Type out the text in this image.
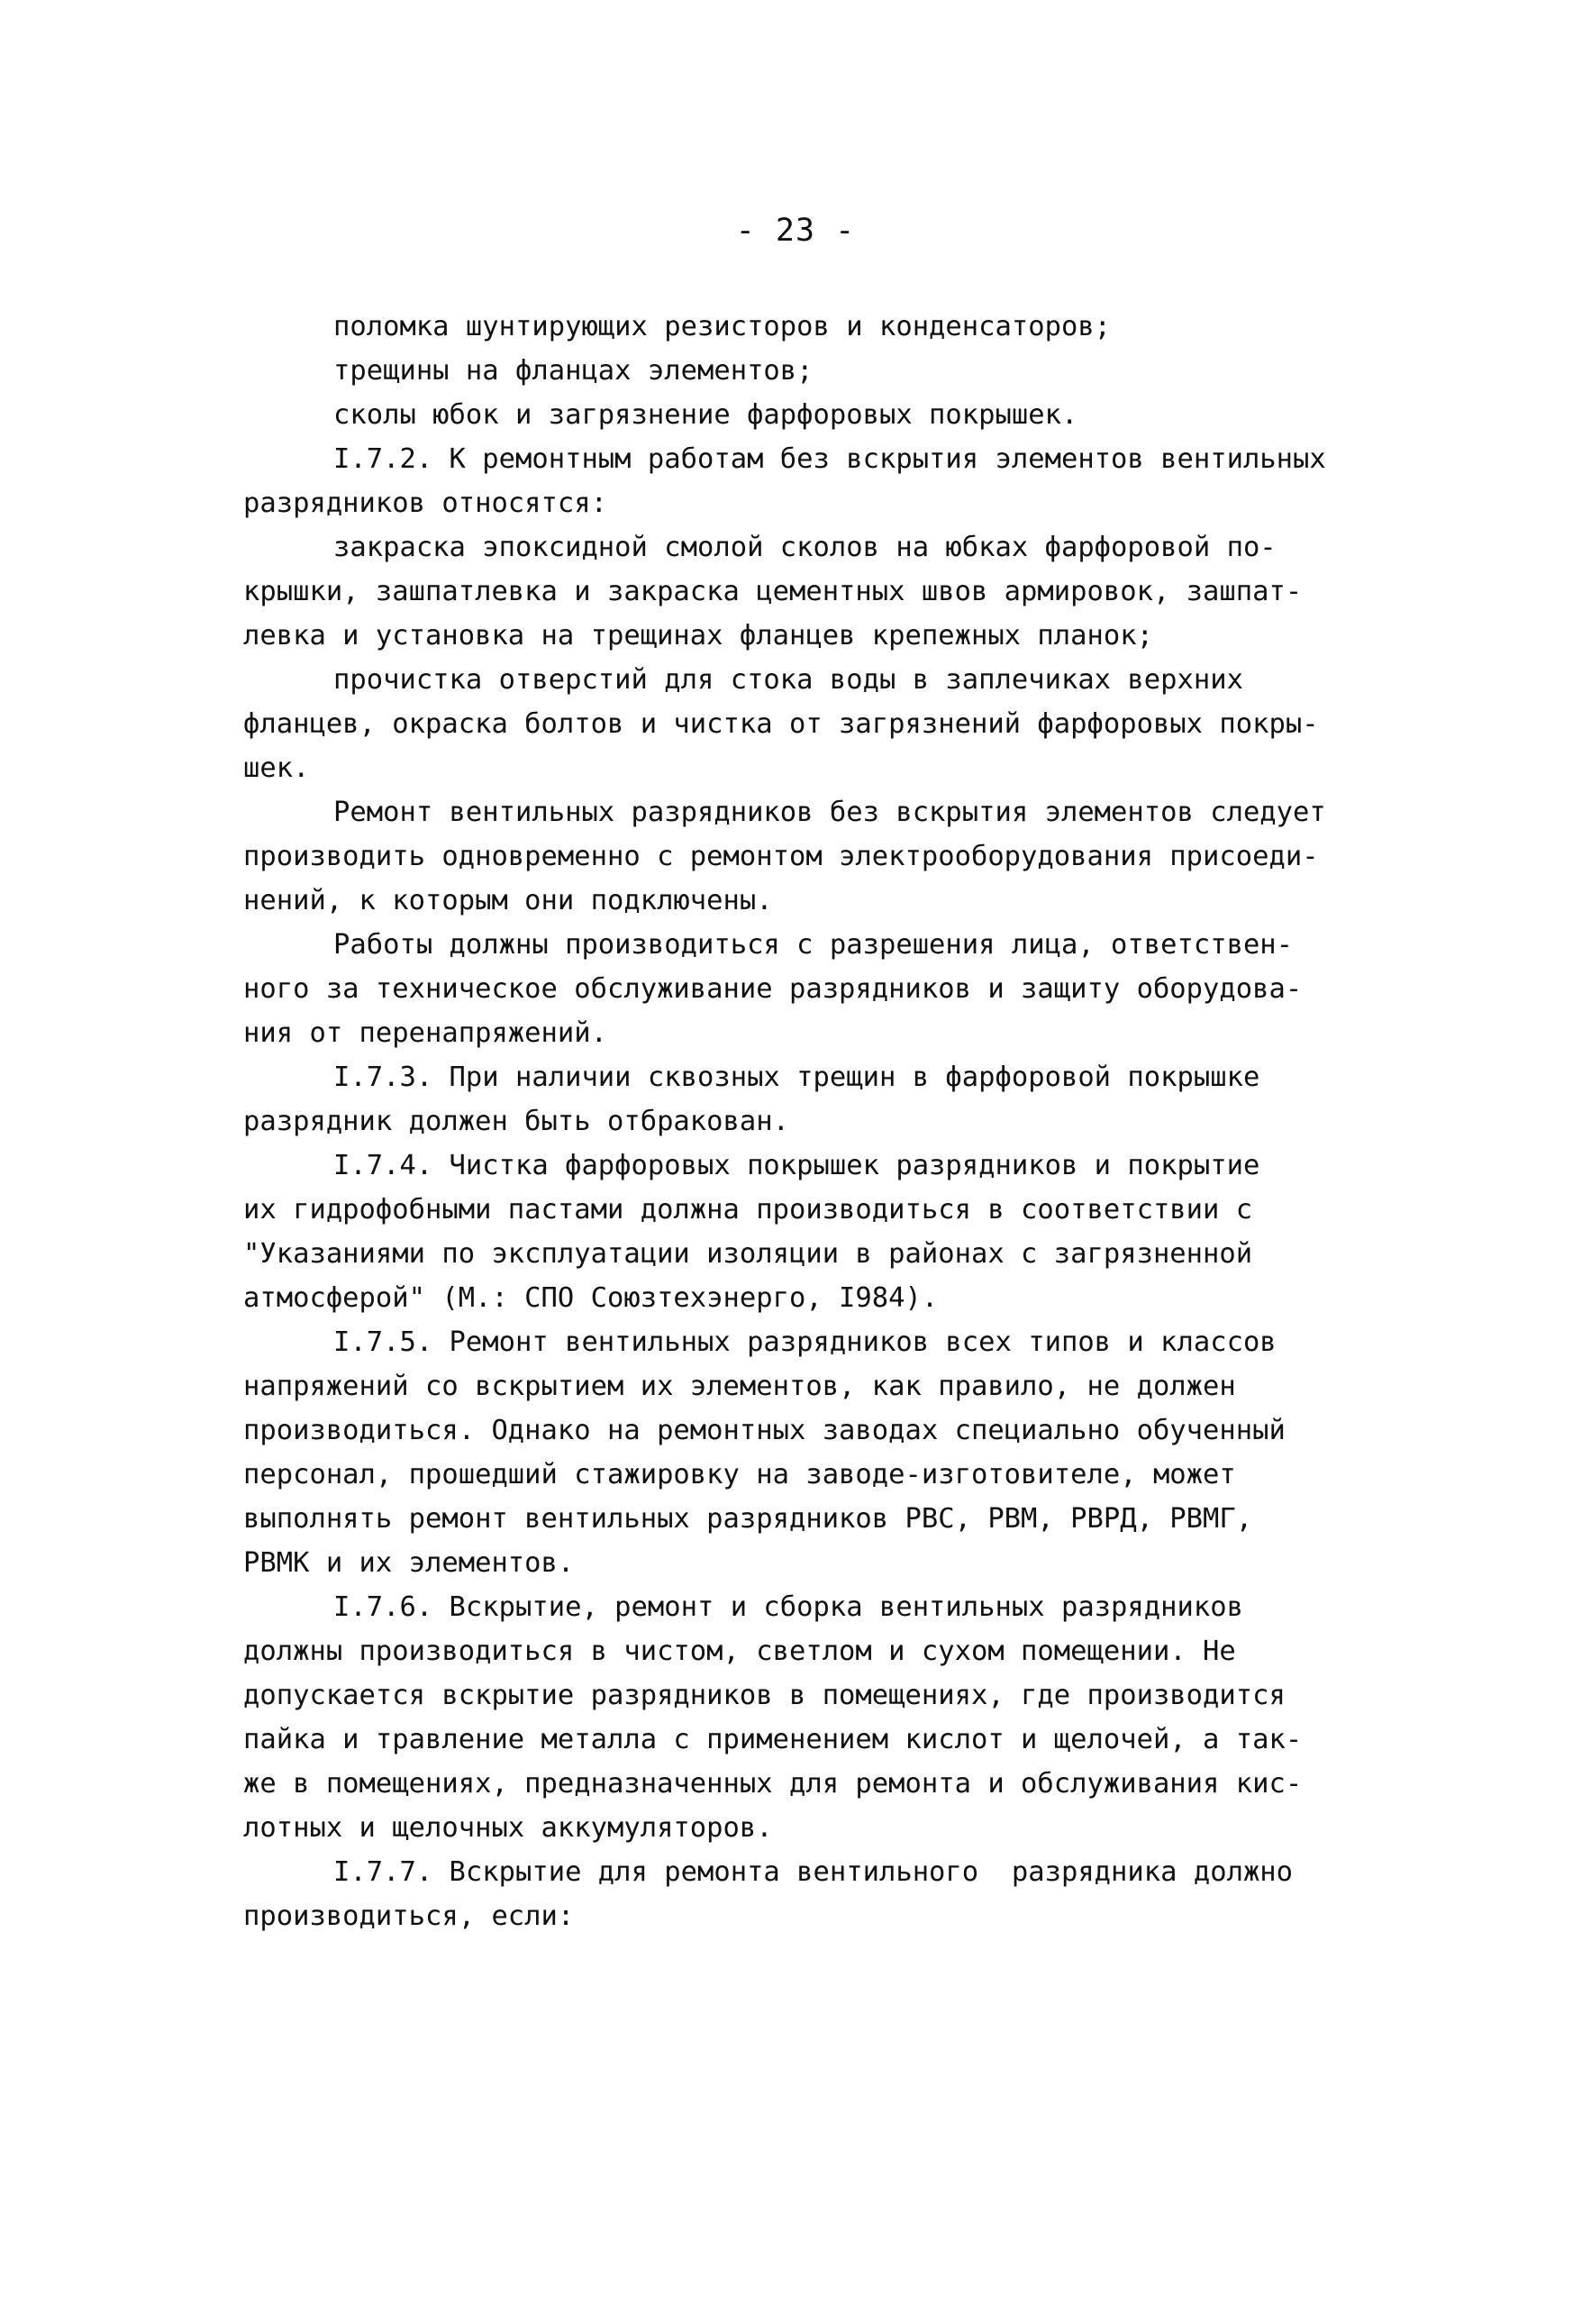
- 23 -
поломка шунтирующих резисторов и конденсаторов;
трещины на фланцах элементов;
сколы юбок и загрязнение фарфоровых покрышек.
I.7.2. К ремонтным работам без вскрытия элементов вентильных
разрядников относятся:
закраска эпоксидной смолой сколов на юбках фарфоровой по-
крышки, зашпатлевка и закраска цементных швов армировок, зашпат-
левка и установка на трещинах фланцев крепежных планок;
прочистка отверстий для стока воды в заплечиках верхних
фланцев, окраска болтов и чистка от загрязнений фарфоровых покры-
шек.
Ремонт вентильных разрядников без вскрытия элементов следует
производить одновременно с ремонтом электрооборудования присоеди-
нений, к которым они подключены.
Работы должны производиться с разрешения лица, ответствен-
ного за техническое обслуживание разрядников и защиту оборудова-
ния от перенапряжений.
I.7.3. При наличии сквозных трещин в фарфоровой покрышке
разрядник должен быть отбракован.
I.7.4. Чистка фарфоровых покрышек разрядников и покрытие
их гидрофобными пастами должна производиться в соответствии с
"Указаниями по эксплуатации изоляции в районах с загрязненной
атмосферой" (М.: СПО Союзтехэнерго, I984).
I.7.5. Ремонт вентильных разрядников всех типов и классов
напряжений со вскрытием их элементов, как правило, не должен
производиться. Однако на ремонтных заводах специально обученный
персонал, прошедший стажировку на заводе-изготовителе, может
выполнять ремонт вентильных разрядников РВС, РВМ, РВРД, РВМГ,
РВМК и их элементов.
I.7.6. Вскрытие, ремонт и сборка вентильных разрядников
должны производиться в чистом, светлом и сухом помещении. Не
допускается вскрытие разрядников в помещениях, где производится
пайка и травление металла с применением кислот и щелочей, а так-
же в помещениях, предназначенных для ремонта и обслуживания кис-
лотных и щелочных аккумуляторов.
I.7.7. Вскрытие для ремонта вентильного  разрядника должно
производиться, если:
